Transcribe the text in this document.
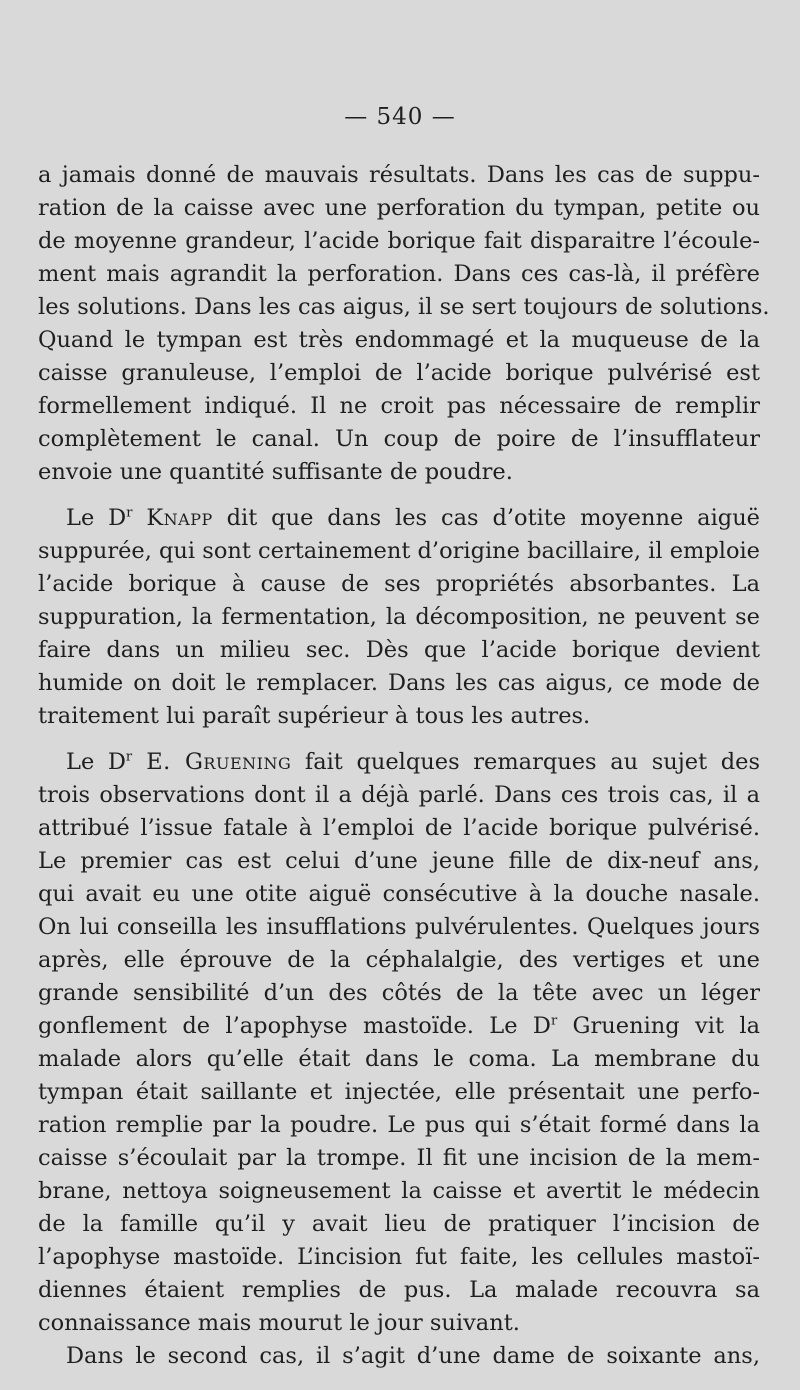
— 540 —
a jamais donné de mauvais résultats. Dans les cas de suppu-
ration de la caisse avec une perforation du tympan, petite ou
de moyenne grandeur, l’acide borique fait disparaitre l’écoule-
ment mais agrandit la perforation. Dans ces cas-là, il préfère
les solutions. Dans les cas aigus, il se sert toujours de solutions.
Quand le tympan est très endommagé et la muqueuse de la
caisse granuleuse, l’emploi de l’acide borique pulvérisé est
formellement indiqué. Il ne croit pas nécessaire de remplir
complètement le canal. Un coup de poire de l’insufflateur
envoie une quantité suffisante de poudre.
Le $D^r$ Knapp dit que dans les cas d’otite moyenne aiguë
suppurée, qui sont certainement d’origine bacillaire, il emploie
l’acide borique à cause de ses propriétés absorbantes. La
suppuration, la fermentation, la décomposition, ne peuvent se
faire dans un milieu sec. Dès que l’acide borique devient
humide on doit le remplacer. Dans les cas aigus, ce mode de
traitement lui paraît supérieur à tous les autres.
Le $D^r$ E. Gruening fait quelques remarques au sujet des
trois observations dont il a déjà parlé. Dans ces trois cas, il a
attribué l’issue fatale à l’emploi de l’acide borique pulvérisé.
Le premier cas est celui d’une jeune fille de dix-neuf ans,
qui avait eu une otite aiguë consécutive à la douche nasale.
On lui conseilla les insufflations pulvérulentes. Quelques jours
après, elle éprouve de la céphalalgie, des vertiges et une
grande sensibilité d’un des côtés de la tête avec un léger
gonflement de l’apophyse mastoïde. Le $D^r$ Gruening vit la
malade alors qu’elle était dans le coma. La membrane du
tympan était saillante et injectée, elle présentait une perfo-
ration remplie par la poudre. Le pus qui s’était formé dans la
caisse s’écoulait par la trompe. Il fit une incision de la mem-
brane, nettoya soigneusement la caisse et avertit le médecin
de la famille qu’il y avait lieu de pratiquer l’incision de
l’apophyse mastoïde. L’incision fut faite, les cellules mastoï-
diennes étaient remplies de pus. La malade recouvra sa
connaissance mais mourut le jour suivant.
Dans le second cas, il s’agit d’une dame de soixante ans,
